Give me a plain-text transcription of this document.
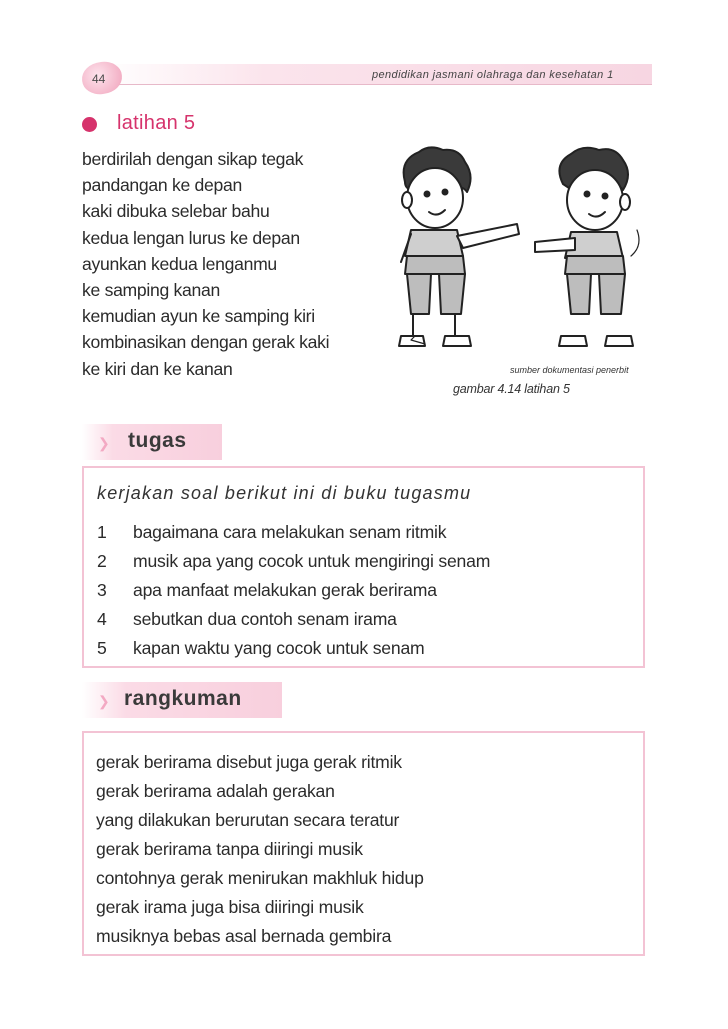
44	pendidikan jasmani olahraga dan kesehatan 1
latihan 5
berdirilah dengan sikap tegak
pandangan ke depan
kaki dibuka selebar bahu
kedua lengan lurus ke depan
ayunkan kedua lenganmu
ke samping kanan
kemudian ayun ke samping kiri
kombinasikan dengan gerak kaki
ke kiri dan ke kanan	sumber dokumentasi penerbit
gambar 4.14 latihan 5
❯ tugas
kerjakan soal berikut ini di buku tugasmu
1	bagaimana cara melakukan senam ritmik
2	musik apa yang cocok untuk mengiringi senam
3	apa manfaat melakukan gerak berirama
4	sebutkan dua contoh senam irama
5	kapan waktu yang cocok untuk senam
❯ rangkuman
gerak berirama disebut juga gerak ritmik
gerak berirama adalah gerakan
yang dilakukan berurutan secara teratur
gerak berirama tanpa diiringi musik
contohnya gerak menirukan makhluk hidup
gerak irama juga bisa diiringi musik
musiknya bebas asal bernada gembira
